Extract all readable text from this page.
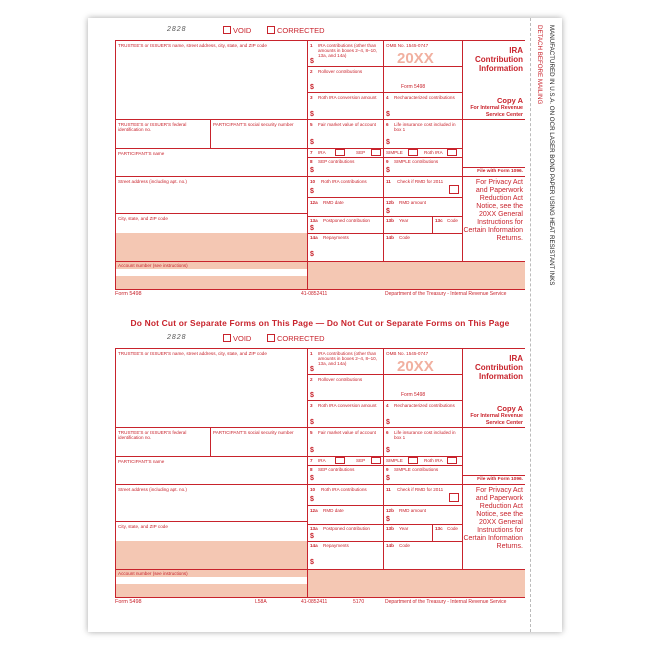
MANUFACTURED IN U.S.A. ON OCR LASER BOND PAPER USING HEAT RESISTANT INKS
DETACH BEFORE MAILING
2828	VOID	CORRECTED
TRUSTEE'S or ISSUER'S name, street address, city, state, and ZIP code
TRUSTEE'S or ISSUER'S federal identification no.
PARTICIPANT'S social security number
PARTICIPANT'S name
Street address (including apt. no.)
City, state, and ZIP code
Account number (see instructions)
1 IRA contributions (other than amounts in boxes 2–4, 8–10, 13a, and 14a)
$
2 Rollover contributions
$
3 Roth IRA conversion amount
$
4 Recharacterized contributions
$
5 Fair market value of account
$
6 Life insurance cost included in box 1
$
7 IRA	SEP	SIMPLE	Roth IRA
8 SEP contributions
$
9 SIMPLE contributions
$
10 Roth IRA contributions
$
11 Check if RMD for 2011
12a RMD date	12b RMD amount
$
13a Postponed contribution
$
13b Year	13c Code
14a Repayments
$
14b Code
OMB No. 1545-0747
20XX
Form 5498
IRA Contribution Information
Copy A
For Internal Revenue Service Center
File with Form 1096.
For Privacy Act and Paperwork Reduction Act Notice, see the 20XX General Instructions for Certain Information Returns.
Form 5498	41-0852411	Department of the Treasury - Internal Revenue Service
Do Not Cut or Separate Forms on This Page — Do Not Cut or Separate Forms on This Page
2828	VOID	CORRECTED
TRUSTEE'S or ISSUER'S name, street address, city, state, and ZIP code
TRUSTEE'S or ISSUER'S federal identification no.
PARTICIPANT'S social security number
PARTICIPANT'S name
Street address (including apt. no.)
City, state, and ZIP code
Account number (see instructions)
1 IRA contributions (other than amounts in boxes 2–4, 8–10, 13a, and 14a)
$
2 Rollover contributions
$
3 Roth IRA conversion amount
$
4 Recharacterized contributions
$
5 Fair market value of account
$
6 Life insurance cost included in box 1
$
7 IRA	SEP	SIMPLE	Roth IRA
8 SEP contributions
$
9 SIMPLE contributions
$
10 Roth IRA contributions
$
11 Check if RMD for 2011
12a RMD date	12b RMD amount
$
13a Postponed contribution
$
13b Year	13c Code
14a Repayments
$
14b Code
OMB No. 1545-0747
20XX
Form 5498
IRA Contribution Information
Copy A
For Internal Revenue Service Center
File with Form 1096.
For Privacy Act and Paperwork Reduction Act Notice, see the 20XX General Instructions for Certain Information Returns.
Form 5498	L58A	41-0852411	5170	Department of the Treasury - Internal Revenue Service
